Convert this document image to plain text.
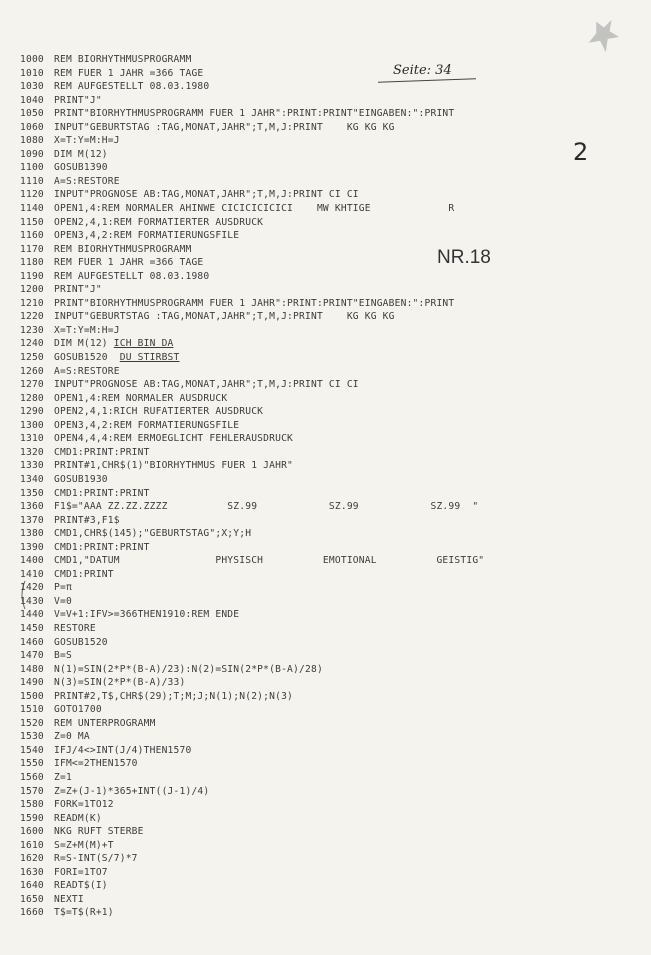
Seite: 34
2
NR.18
1000 REM BIORHYTHMUSPROGRAMM
1010 REM FUER 1 JAHR =366 TAGE
1030 REM AUFGESTELLT 08.03.1980
1040 PRINT"J"
1050 PRINT"BIORHYTHMUSPROGRAMM FUER 1 JAHR":PRINT:PRINT"EINGABEN:":PRINT
1060 INPUT"GEBURTSTAG :TAG,MONAT,JAHR";T,M,J:PRINT    KG KG KG
1080 X=T:Y=M:H=J
1090 DIM M(12)
1100 GOSUB1390
1110 A=S:RESTORE
1120 INPUT"PROGNOSE AB:TAG,MONAT,JAHR";T,M,J:PRINT CI CI
1140 OPEN1,4:REM NORMALER AHINWE CICICICICICI    MW KHTIGE             R
1150 OPEN2,4,1:REM FORMATIERTER AUSDRUCK
1160 OPEN3,4,2:REM FORMATIERUNGSFILE
1170 REM BIORHYTHMUSPROGRAMM
1180 REM FUER 1 JAHR =366 TAGE
1190 REM AUFGESTELLT 08.03.1980
1200 PRINT"J"
1210 PRINT"BIORHYTHMUSPROGRAMM FUER 1 JAHR":PRINT:PRINT"EINGABEN:":PRINT
1220 INPUT"GEBURTSTAG :TAG,MONAT,JAHR";T,M,J:PRINT    KG KG KG
1230 X=T:Y=M:H=J
1240 DIM M(12) ICH BIN DA
1250 GOSUB1520  DU STIRBST
1260 A=S:RESTORE
1270 INPUT"PROGNOSE AB:TAG,MONAT,JAHR";T,M,J:PRINT CI CI
1280 OPEN1,4:REM NORMALER AUSDRUCK
1290 OPEN2,4,1:RICH RUFATIERTER AUSDRUCK
1300 OPEN3,4,2:REM FORMATIERUNGSFILE
1310 OPEN4,4,4:REM ERMOEGLICHT FEHLERAUSDRUCK
1320 CMD1:PRINT:PRINT
1330 PRINT#1,CHR$(1)"BIORHYTHMUS FUER 1 JAHR"
1340 GOSUB1930
1350 CMD1:PRINT:PRINT
1360 F1$="AAA ZZ.ZZ.ZZZZ          SZ.99            SZ.99            SZ.99  "
1370 PRINT#3,F1$
1380 CMD1,CHR$(145);"GEBURTSTAG";X;Y;H
1390 CMD1:PRINT:PRINT
1400 CMD1,"DATUM                PHYSISCH          EMOTIONAL          GEISTIG"
1410 CMD1:PRINT
1420 P=π
1430 V=0
1440 V=V+1:IFV>=366THEN1910:REM ENDE
1450 RESTORE
1460 GOSUB1520
1470 B=S
1480 N(1)=SIN(2*P*(B-A)/23):N(2)=SIN(2*P*(B-A)/28)
1490 N(3)=SIN(2*P*(B-A)/33)
1500 PRINT#2,T$,CHR$(29);T;M;J;N(1);N(2);N(3)
1510 GOTO1700
1520 REM UNTERPROGRAMM
1530 Z=0 MA
1540 IFJ/4<>INT(J/4)THEN1570
1550 IFM<=2THEN1570
1560 Z=1
1570 Z=Z+(J-1)*365+INT((J-1)/4)
1580 FORK=1TO12
1590 READM(K)
1600 NKG RUFT STERBE
1610 S=Z+M(M)+T
1620 R=S-INT(S/7)*7
1630 FORI=1TO7
1640 READT$(I)
1650 NEXTI
1660 T$=T$(R+1)
